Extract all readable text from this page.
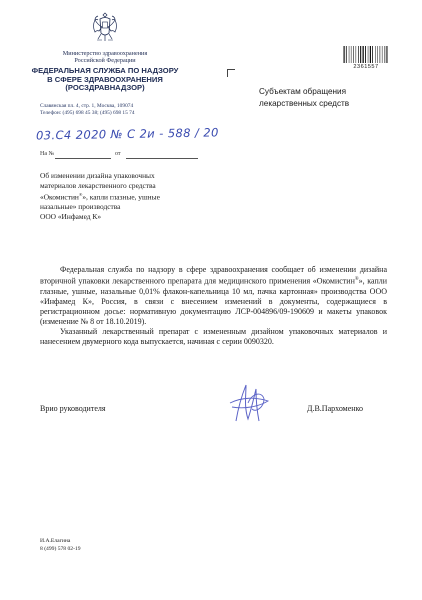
Министерство здравоохранения
Российской Федерации
ФЕДЕРАЛЬНАЯ СЛУЖБА ПО НАДЗОРУ
В СФЕРЕ ЗДРАВООХРАНЕНИЯ
(РОСЗДРАВНАДЗОР)
Славянская пл. 4, стр. 1, Москва, 109074
Телефон: (495) 698 45 38; (495) 698 15 74
03.С4 2020 № С 2и - 588 / 20
На №	от
Об изменении дизайна упаковочных
материалов лекарственного средства
«Окомистин®», капли глазные, ушные
назальные» производства
ООО «Инфамед К»
Субъектам обращения
лекарственных средств
2361557

Федеральная служба по надзору в сфере здравоохранения сообщает об изменении дизайна вторичной упаковки лекарственного препарата для медицинского применения «Окомистин®», капли глазные, ушные, назальные 0,01% флакон-капельница 10 мл, пачка картонная» производства ООО «Инфамед К», Россия, в связи с внесением изменений в документы, содержащиеся в регистрационном досье: нормативную документацию ЛСР-004896/09-190609 и макеты упаковок (изменение № 8 от 18.10.2019).

Указанный лекарственный препарат с измененным дизайном упаковочных материалов и нанесением двумерного кода выпускается, начиная с серии 0090320.

Врио руководителя	Д.В.Пархоменко
И.А.Елагина
8 (499) 578 02-19
